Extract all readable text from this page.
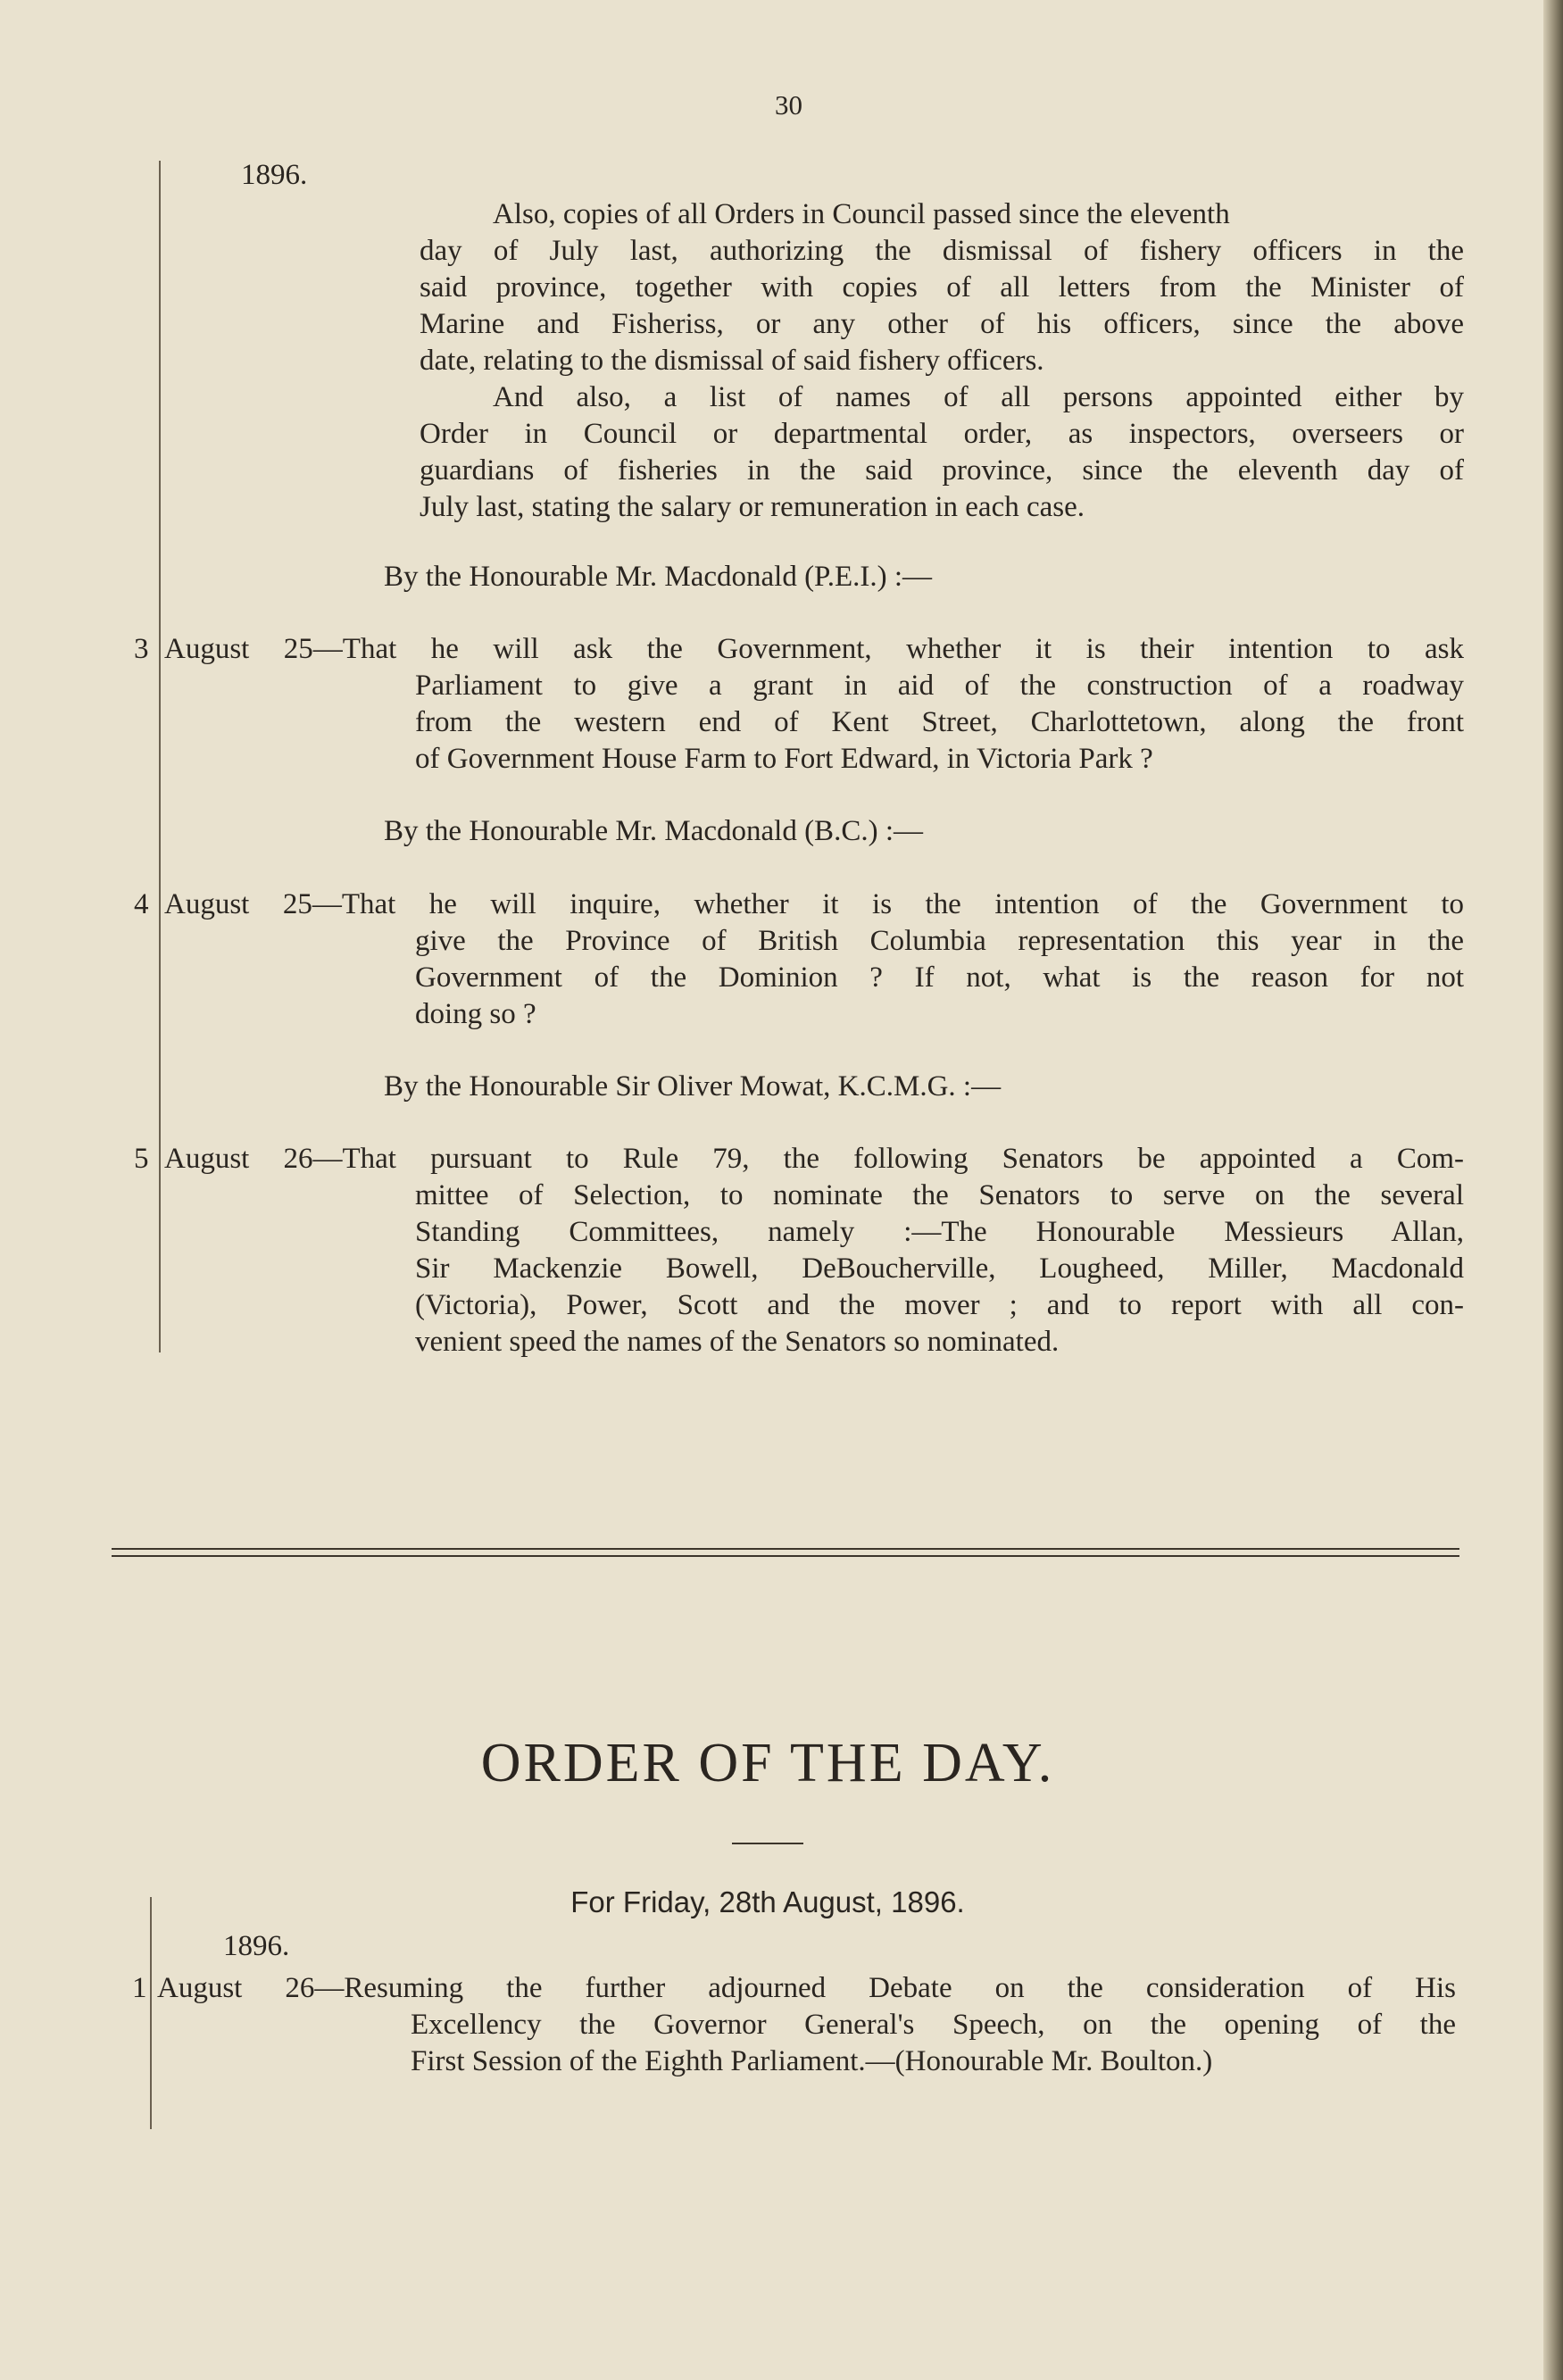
30
1896.
Also, copies of all Orders in Council passed since the eleventh
day of July last, authorizing the dismissal of fishery officers in the
said province, together with copies of all letters from the Minister of
Marine and Fisheriss, or any other of his officers, since the above
date, relating to the dismissal of said fishery officers.
And also, a list of names of all persons appointed either by
Order in Council or departmental order, as inspectors, overseers or
guardians of fisheries in the said province, since the eleventh day of
July last, stating the salary or remuneration in each case.
By the Honourable Mr. Macdonald (P.E.I.) :—
3 August 25—That he will ask the Government, whether it is their intention to ask
Parliament to give a grant in aid of the construction of a roadway
from the western end of Kent Street, Charlottetown, along the front
of Government House Farm to Fort Edward, in Victoria Park ?
By the Honourable Mr. Macdonald (B.C.) :—
4 August 25—That he will inquire, whether it is the intention of the Government to
give the Province of British Columbia representation this year in the
Government of the Dominion ? If not, what is the reason for not
doing so ?
By the Honourable Sir Oliver Mowat, K.C.M.G. :—
5 August 26—That pursuant to Rule 79, the following Senators be appointed a Com-
mittee of Selection, to nominate the Senators to serve on the several
Standing Committees, namely :—The Honourable Messieurs Allan,
Sir Mackenzie Bowell, DeBoucherville, Lougheed, Miller, Macdonald
(Victoria), Power, Scott and the mover ; and to report with all con-
venient speed the names of the Senators so nominated.
ORDER OF THE DAY.
For Friday, 28th August, 1896.
1896.
1 August 26—Resuming the further adjourned Debate on the consideration of His
Excellency the Governor General's Speech, on the opening of the
First Session of the Eighth Parliament.—(Honourable Mr. Boulton.)
